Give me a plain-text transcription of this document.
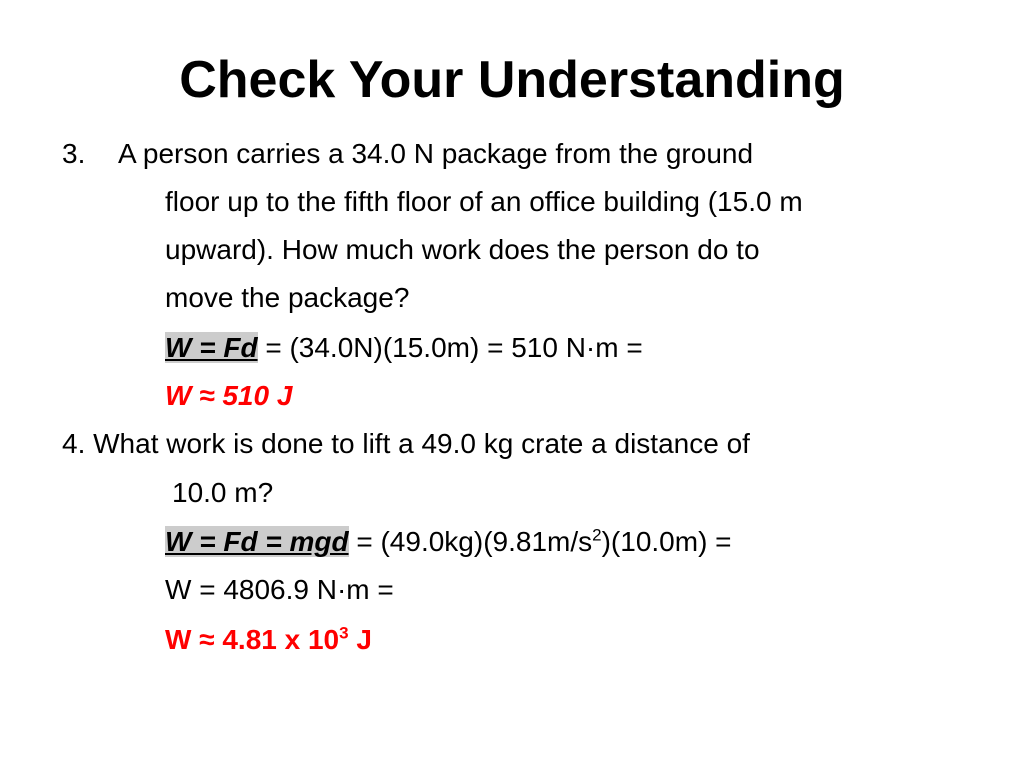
Check Your Understanding
3. A person carries a 34.0 N package from the ground
floor up to the fifth floor of an office building (15.0 m
upward). How much work does the person do to
move the package?
W = Fd = (34.0N)(15.0m) = 510 N·m =
W ≈ 510 J
4. What work is done to lift a 49.0 kg crate a distance of
10.0 m?
W = Fd = mgd = $(49.0kg)(9.81m/s^2)(10.0m)$ =
W = 4806.9 N·m =
W ≈ 4.81 x $10^3$ J
